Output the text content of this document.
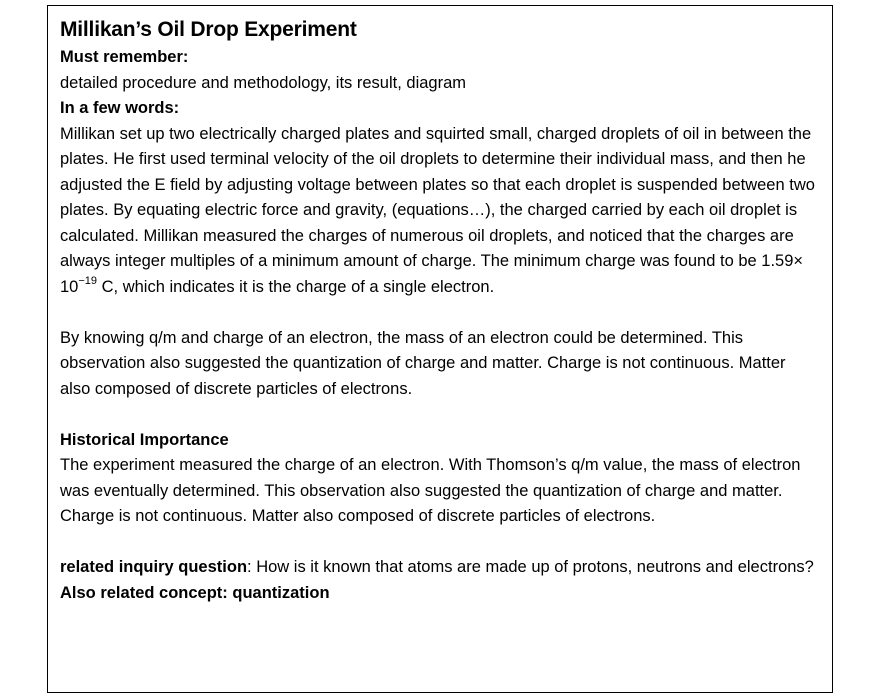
Millikan’s Oil Drop Experiment
Must remember:
detailed procedure and methodology, its result, diagram
In a few words:

Millikan set up two electrically charged plates and squirted small, charged droplets of oil in between the plates. He first used terminal velocity of the oil droplets to determine their individual mass, and then he adjusted the E field by adjusting voltage between plates so that each droplet is suspended between two plates. By equating electric force and gravity, (equations…), the charged carried by each oil droplet is calculated. Millikan measured the charges of numerous oil droplets, and noticed that the charges are always integer multiples of a minimum amount of charge. The minimum charge was found to be $1.59\times 10^{-19}$ C, which indicates it is the charge of a single electron.

By knowing q/m and charge of an electron, the mass of an electron could be determined. This observation also suggested the quantization of charge and matter. Charge is not continuous. Matter also composed of discrete particles of electrons.

Historical Importance

The experiment measured the charge of an electron. With Thomson’s q/m value, the mass of electron was eventually determined. This observation also suggested the quantization of charge and matter. Charge is not continuous. Matter also composed of discrete particles of electrons.

related inquiry question: How is it known that atoms are made up of protons, neutrons and electrons?

Also related concept: quantization
